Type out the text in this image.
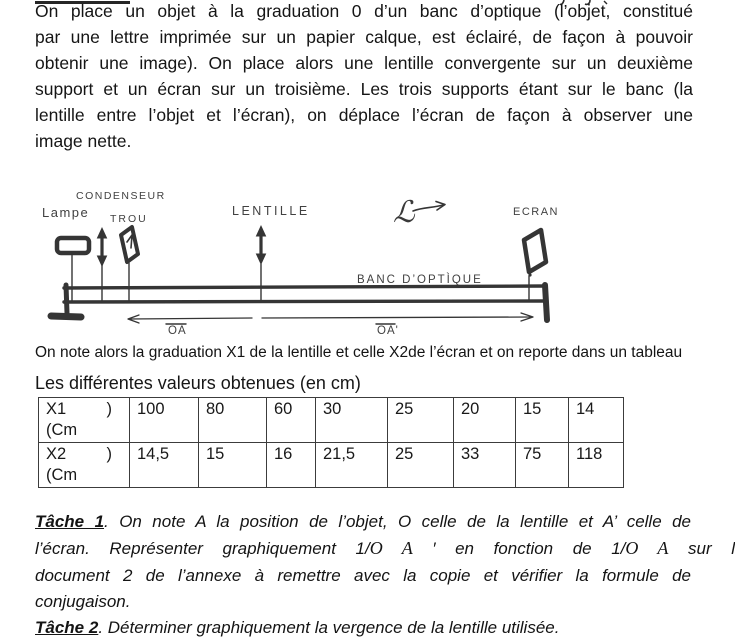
On place un objet à la graduation 0 d’un banc d’optique (l’objet, constitué
par une lettre imprimée sur un papier calque, est éclairé, de façon à pouvoir
obtenir une image). On place alors une lentille convergente sur un deuxième
support et un écran sur un troisième. Les trois supports étant sur le banc (la
lentille entre l’objet et l’écran), on déplace l’écran de façon à observer une
image nette.
Lampe
CONDENSEUR
TROU
LENTILLE	ECRAN
BANC D’OPTÌQUE
ℒ
OA	OA'
On note alors la graduation X1 de la lentille et celle X2de l’écran et on reporte dans un tableau
Les différentes valeurs obtenues (en cm)
X1 )
(Cm	100	80	60	30	25	20	15	14

X2 )
(Cm	14,5	15	16	21,5	25	33	75	118
Tâche 1. On note A la position de l’objet, O celle de la lentille et A’ celle de
l’écran. Représenter graphiquement 1/O A ′ en fonction de 1/O A sur l
document 2 de l’annexe à remettre avec la copie et vérifier la formule de
conjugaison.
Tâche 2. Déterminer graphiquement la vergence de la lentille utilisée.
